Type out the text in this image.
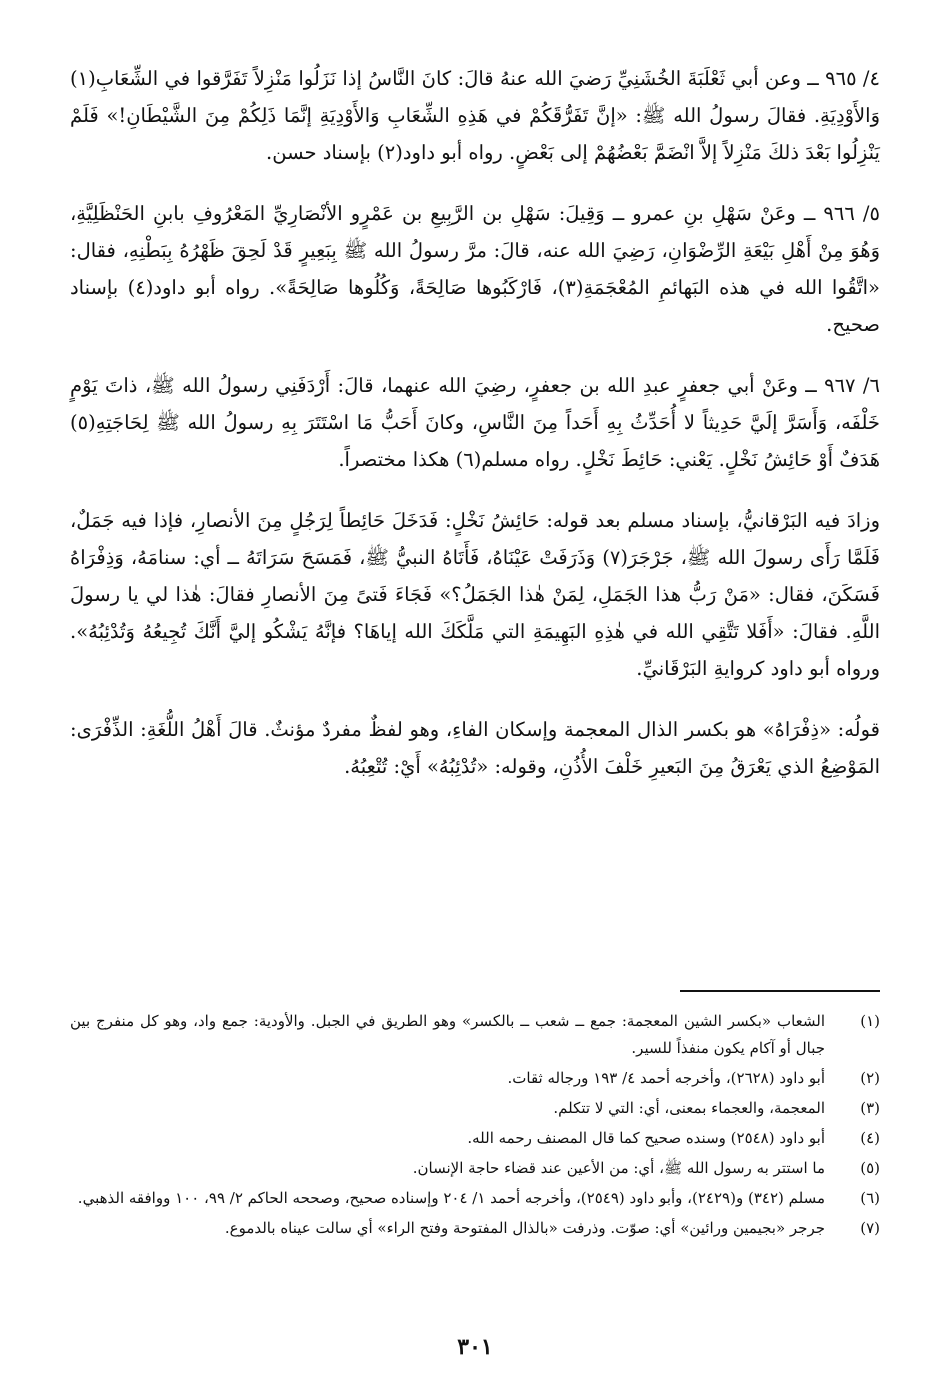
٤/ ٩٦٥ ــ وعن أبي ثَعْلَبَةَ الخُشَنِيِّ رَضيَ الله عنهُ قالَ: كانَ النَّاسُ إذا نَزَلُوا مَنْزِلاً تَفَرَّقوا في الشِّعَابِ(١) وَالأَوْدِيَةِ. فقالَ رسولُ الله ﷺ: «إنَّ تَفَرُّقَكُمْ في هَذِهِ الشِّعَابِ وَالأَوْدِيَةِ إنَّمَا ذَلِكُمْ مِنَ الشَّيْطَانِ!» فَلَمْ يَنْزِلُوا بَعْدَ ذلكَ مَنْزِلاً إلاَّ انْضَمَّ بَعْضُهُمْ إلى بَعْضٍ. رواه أبو داود(٢) بإسناد حسن.

٥/ ٩٦٦ ــ وعَنْ سَهْلِ بنِ عمرو ــ وَقِيلَ: سَهْلِ بن الرَّبِيعِ بن عَمْرٍو الأنْصَارِيِّ المَعْرُوفِ بابنِ الحَنْظَلِيَّةِ، وَهُوَ مِنْ أَهْلِ بَيْعَةِ الرِّضْوَانِ، رَضِيَ الله عنه، قالَ: مرَّ رسولُ الله ﷺ بِبَعِيرٍ قَدْ لَحِقَ ظَهْرُهُ بِبَطْنِهِ، فقال: «اتَّقُوا الله في هذه البَهائمِ المُعْجَمَةِ(٣)، فَارْكَبُوها صَالِحَةً، وَكُلُوها صَالِحَةً». رواه أبو داود(٤) بإسناد صحيح.

٦/ ٩٦٧ ــ وعَنْ أبي جعفرٍ عبدِ الله بن جعفرٍ، رضِيَ الله عنهما، قالَ: أَرْدَفَنِي رسولُ الله ﷺ، ذاتَ يَوْمٍ خَلْفَه، وَأَسَرَّ إلَيَّ حَدِيثاً لا أُحَدِّثُ بِهِ أَحَداً مِنَ النَّاسِ، وكانَ أَحَبُّ مَا اسْتَتَرَ بِهِ رسولُ الله ﷺ لِحَاجَتِهِ(٥) هَدَفٌ أَوْ حَائِشُ نَخْلٍ. يَعْني: حَائِطَ نَخْلٍ. رواه مسلم(٦) هكذا مختصراً.

وزادَ فيه البَرْقانيُّ، بإسناد مسلم بعد قوله: حَائِشُ نَخْلٍ: فَدَخَلَ حَائِطاً لِرَجُلٍ مِنَ الأنصارِ، فإذا فيه جَمَلٌ، فَلَمَّا رَأَى رسولَ الله ﷺ، جَرْجَرَ(٧) وَذَرَفَتْ عَيْنَاهُ، فَأَتَاهُ النبيُّ ﷺ، فَمَسَحَ سَرَاتَهُ ــ أي: سنامَهُ، وَذِفْرَاهُ فَسَكَنَ، فقال: «مَنْ رَبُّ هذا الجَمَلِ، لِمَنْ هٰذا الجَمَلُ؟» فَجَاءَ فَتىً مِنَ الأنصارِ فقالَ: هٰذا لي يا رسولَ اللَّهِ. فقالَ: «أَفَلا تَتَّقِي الله في هٰذِهِ البَهِيمَةِ التي مَلَّكَكَ الله إياهَا؟ فإنَّهُ يَشْكُو إليَّ أَنَّكَ تُجِيعُهُ وَتُدْئِبُهُ». ورواه أبو داود كروايةِ البَرْقَانيِّ.

قولُه: «ذِفْرَاهُ» هو بكسر الذال المعجمة وإسكان الفاءِ، وهو لفظٌ مفردٌ مؤنثٌ. قالَ أَهْلُ اللُّغَةِ: الذِّفْرَى: المَوْضِعُ الذي يَعْرَقُ مِنَ البَعيرِ خَلْفَ الأُذُنِ، وقوله: «تُدْئِبُهُ» أَيْ: تُتْعِبُهُ.

(١)
الشعاب «بكسر الشين المعجمة: جمع ــ شعب ــ بالكسر» وهو الطريق في الجبل. والأودية: جمع واد، وهو كل منفرج بين جبال أو آكام يكون منفذاً للسير.
(٢)
أبو داود (٢٦٢٨)، وأخرجه أحمد ٤/ ١٩٣ ورجاله ثقات.
(٣)
المعجمة، والعجماء بمعنى، أي: التي لا تتكلم.
(٤)
أبو داود (٢٥٤٨) وسنده صحيح كما قال المصنف رحمه الله.
(٥)
ما استتر به رسول الله ﷺ، أي: من الأعين عند قضاء حاجة الإنسان.
(٦)
مسلم (٣٤٢) و(٢٤٢٩)، وأبو داود (٢٥٤٩)، وأخرجه أحمد ١/ ٢٠٤ وإسناده صحيح، وصححه الحاكم ٢/ ٩٩، ١٠٠ ووافقه الذهبي.
(٧)
جرجر «بجيمين ورائين» أي: صوّت. وذرفت «بالذال المفتوحة وفتح الراء» أي سالت عيناه بالدموع.
٣٠١
